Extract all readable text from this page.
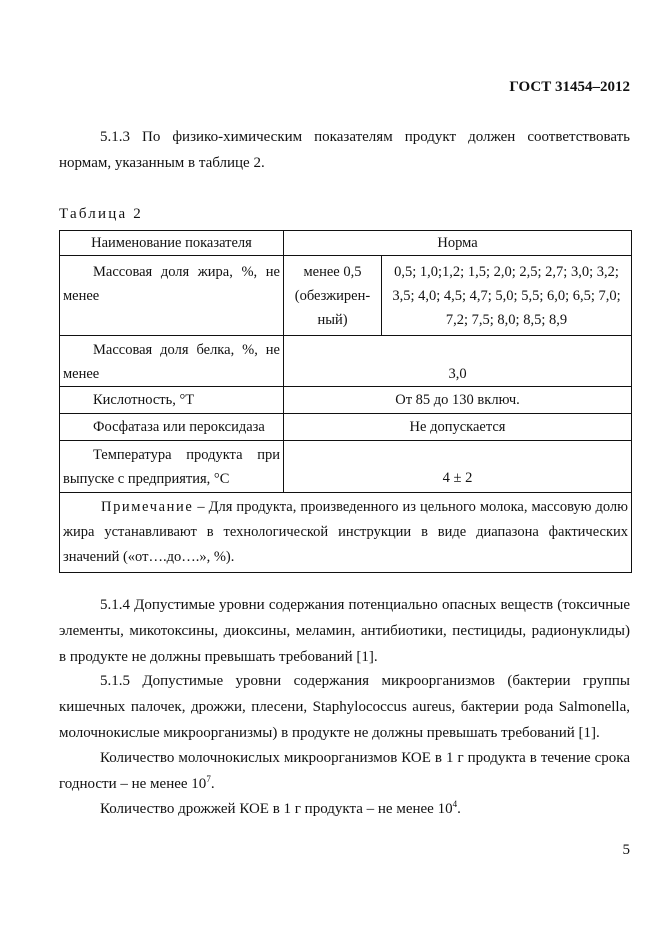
ГОСТ 31454–2012
5.1.3 По физико-химическим показателям продукт должен соответствовать нормам, указанным в таблице 2.
Таблица 2
Наименование показателя	Норма	
Массовая доля жира, %, не менее	менее 0,5 (обезжирен-ный)	0,5; 1,0;1,2; 1,5; 2,0; 2,5; 2,7; 3,0; 3,2; 3,5; 4,0; 4,5; 4,7; 5,0; 5,5; 6,0; 6,5; 7,0; 7,2; 7,5; 8,0; 8,5; 8,9
Массовая доля белка, %, не менее	3,0	
Кислотность, °Т	От 85 до 130 включ.	
Фосфатаза или пероксидаза	Не допускается	
Температура продукта при выпуске с предприятия, °С	4 ± 2	
Примечание – Для продукта, произведенного из цельного молока, массовую долю жира устанавливают в технологической инструкции в виде диапазона фактических значений («от….до….», %).		
5.1.4 Допустимые уровни содержания потенциально опасных веществ (токсичные элементы, микотоксины, диоксины, меламин, антибиотики, пестициды, радионуклиды) в продукте не должны превышать требований [1].
5.1.5 Допустимые уровни содержания микроорганизмов (бактерии группы кишечных палочек, дрожжи, плесени, Staphylococcus aureus, бактерии рода Salmonella, молочнокислые микроорганизмы) в продукте не должны превышать требований [1].
Количество молочнокислых микроорганизмов КОЕ в 1 г продукта в течение срока годности – не менее $10^7$.
Количество дрожжей КОЕ в 1 г продукта – не менее $10^4$.
5
